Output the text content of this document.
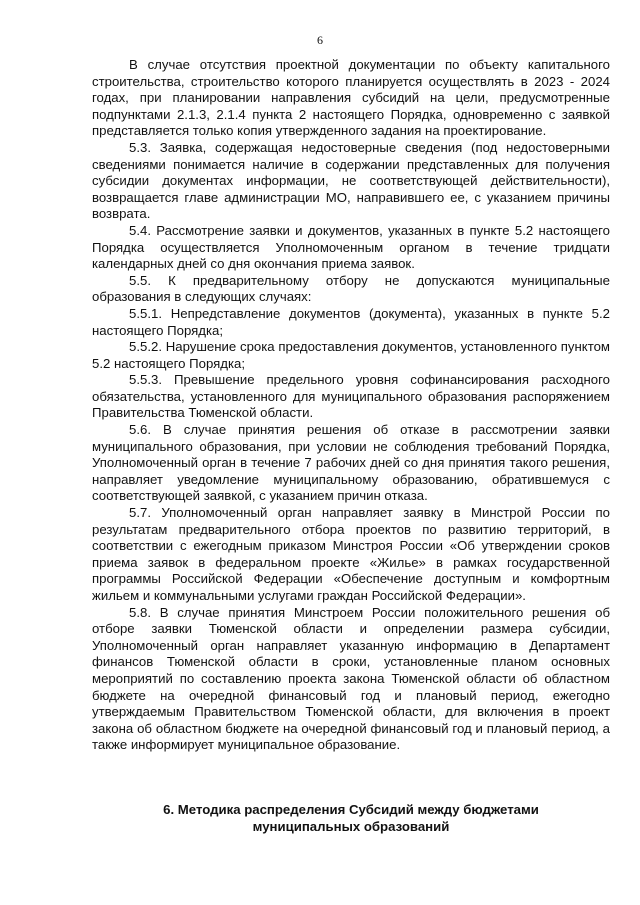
6

В случае отсутствия проектной документации по объекту капитального строительства, строительство которого планируется осуществлять в 2023 - 2024 годах, при планировании направления субсидий на цели, предусмотренные подпунктами 2.1.3, 2.1.4 пункта 2 настоящего Порядка, одновременно с заявкой представляется только копия утвержденного задания на проектирование.

5.3. Заявка, содержащая недостоверные сведения (под недостоверными сведениями понимается наличие в содержании представленных для получения субсидии документах информации, не соответствующей действительности), возвращается главе администрации МО, направившего ее, с указанием причины возврата.

5.4. Рассмотрение заявки и документов, указанных в пункте 5.2 настоящего Порядка осуществляется Уполномоченным органом в течение тридцати календарных дней со дня окончания приема заявок.

5.5. К предварительному отбору не допускаются муниципальные образования в следующих случаях:

5.5.1. Непредставление документов (документа), указанных в пункте 5.2 настоящего Порядка;

5.5.2. Нарушение срока предоставления документов, установленного пунктом 5.2 настоящего Порядка;

5.5.3. Превышение предельного уровня софинансирования расходного обязательства, установленного для муниципального образования распоряжением Правительства Тюменской области.

5.6. В случае принятия решения об отказе в рассмотрении заявки муниципального образования, при условии не соблюдения требований Порядка, Уполномоченный орган в течение 7 рабочих дней со дня принятия такого решения, направляет уведомление муниципальному образованию, обратившемуся с соответствующей заявкой, с указанием причин отказа.

5.7. Уполномоченный орган направляет заявку в Минстрой России по результатам предварительного отбора проектов по развитию территорий, в соответствии с ежегодным приказом Минстроя России «Об утверждении сроков приема заявок в федеральном проекте «Жилье» в рамках государственной программы Российской Федерации «Обеспечение доступным и комфортным жильем и коммунальными услугами граждан Российской Федерации».

5.8. В случае принятия Минстроем России положительного решения об отборе заявки Тюменской области и определении размера субсидии, Уполномоченный орган направляет указанную информацию в Департамент финансов Тюменской области в сроки, установленные планом основных мероприятий по составлению проекта закона Тюменской области об областном бюджете на очередной финансовый год и плановый период, ежегодно утверждаемым Правительством Тюменской области, для включения в проект закона об областном бюджете на очередной финансовый год и плановый период, а также информирует муниципальное образование.

6. Методика распределения Субсидий между бюджетами
муниципальных образований
